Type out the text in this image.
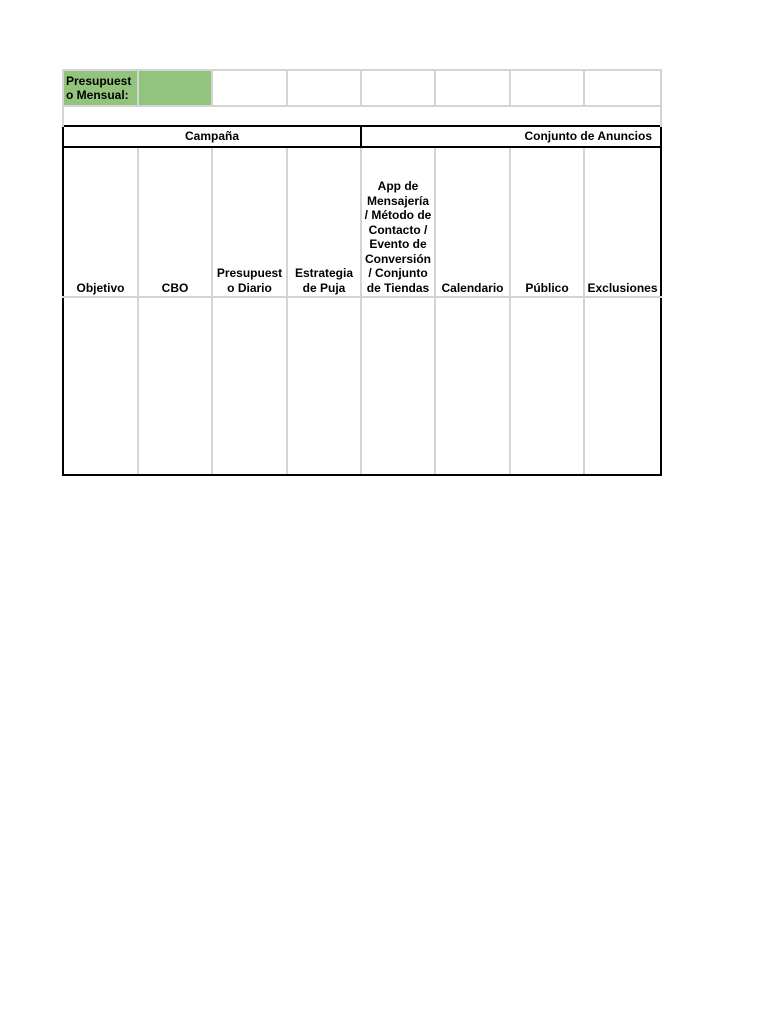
Presupuesto Mensual:							

Campaña				Conjunto de Anuncios			
Objetivo	CBO	Presupuesto Diario	Estrategia de Puja	App de Mensajería / Método de Contacto / Evento de Conversión / Conjunto de Tiendas	Calendario	Público	Exclusiones
